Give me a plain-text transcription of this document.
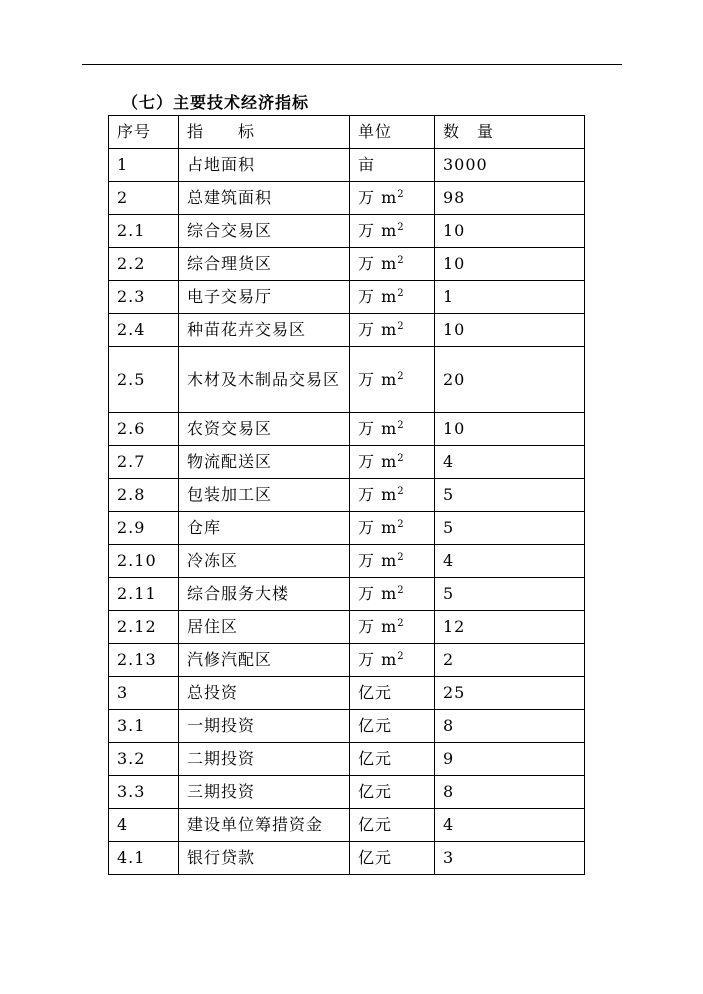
（七）主要技术经济指标
序号	指　　标	单位	数　量
1	占地面积	亩	3000
2	总建筑面积	万 $m^2$	98
2.1	综合交易区	万 $m^2$	10
2.2	综合理货区	万 $m^2$	10
2.3	电子交易厅	万 $m^2$	1
2.4	种苗花卉交易区	万 $m^2$	10
2.5	木材及木制品交易区	万 $m^2$	20
2.6	农资交易区	万 $m^2$	10
2.7	物流配送区	万 $m^2$	4
2.8	包装加工区	万 $m^2$	5
2.9	仓库	万 $m^2$	5
2.10	冷冻区	万 $m^2$	4
2.11	综合服务大楼	万 $m^2$	5
2.12	居住区	万 $m^2$	12
2.13	汽修汽配区	万 $m^2$	2
3	总投资	亿元	25
3.1	一期投资	亿元	8
3.2	二期投资	亿元	9
3.3	三期投资	亿元	8
4	建设单位筹措资金	亿元	4
4.1	银行贷款	亿元	3
